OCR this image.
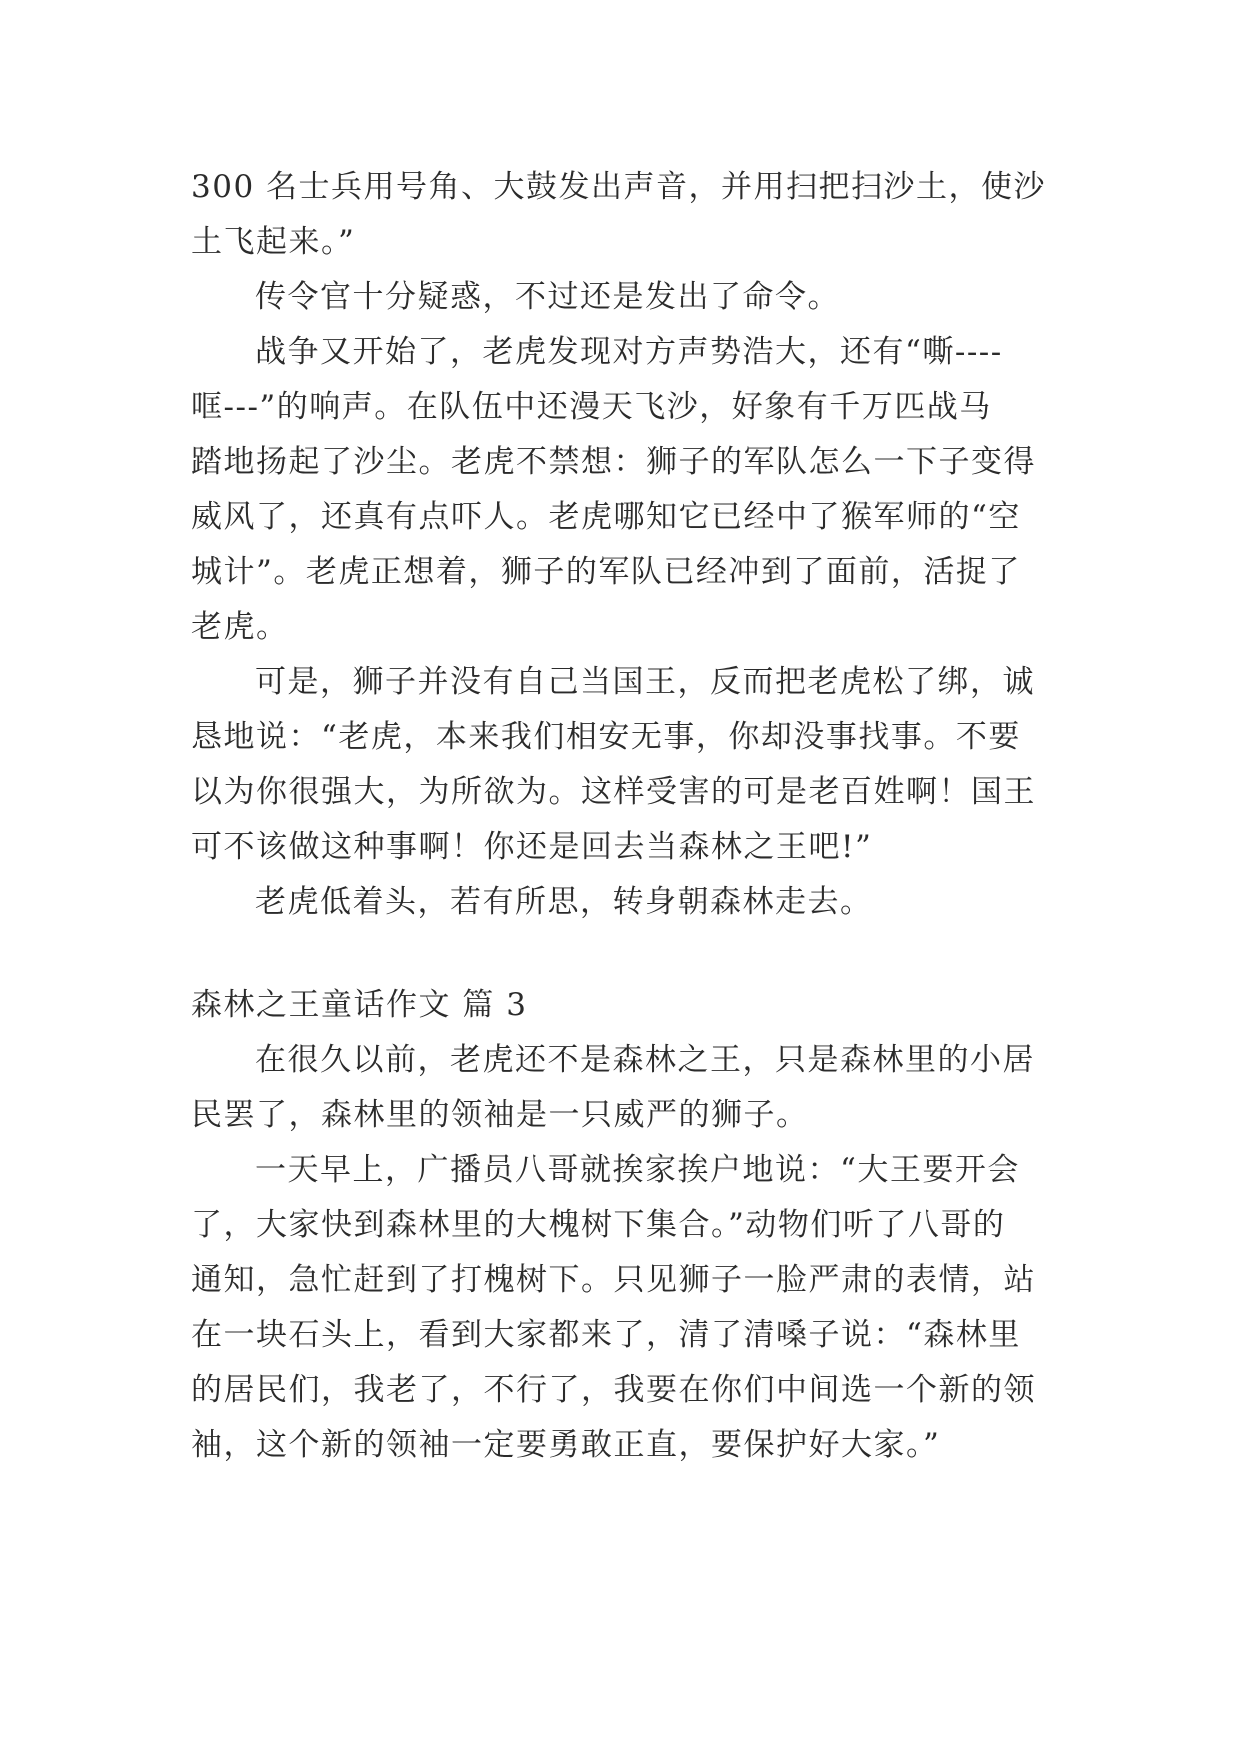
300 名士兵用号角、大鼓发出声音，并用扫把扫沙土，使沙
土飞起来。”
传令官十分疑惑，不过还是发出了命令。
战争又开始了，老虎发现对方声势浩大，还有“嘶----
哐---”的响声。在队伍中还漫天飞沙，好象有千万匹战马
踏地扬起了沙尘。老虎不禁想：狮子的军队怎么一下子变得
威风了，还真有点吓人。老虎哪知它已经中了猴军师的“空
城计”。老虎正想着，狮子的军队已经冲到了面前，活捉了
老虎。
可是，狮子并没有自己当国王，反而把老虎松了绑，诚
恳地说：“老虎，本来我们相安无事，你却没事找事。不要
以为你很强大，为所欲为。这样受害的可是老百姓啊！国王
可不该做这种事啊！你还是回去当森林之王吧!”
老虎低着头，若有所思，转身朝森林走去。
森林之王童话作文 篇 3
在很久以前，老虎还不是森林之王，只是森林里的小居
民罢了，森林里的领袖是一只威严的狮子。
一天早上，广播员八哥就挨家挨户地说：“大王要开会
了，大家快到森林里的大槐树下集合。”动物们听了八哥的
通知，急忙赶到了打槐树下。只见狮子一脸严肃的表情，站
在一块石头上，看到大家都来了，清了清嗓子说：“森林里
的居民们，我老了，不行了，我要在你们中间选一个新的领
袖，这个新的领袖一定要勇敢正直，要保护好大家。”
